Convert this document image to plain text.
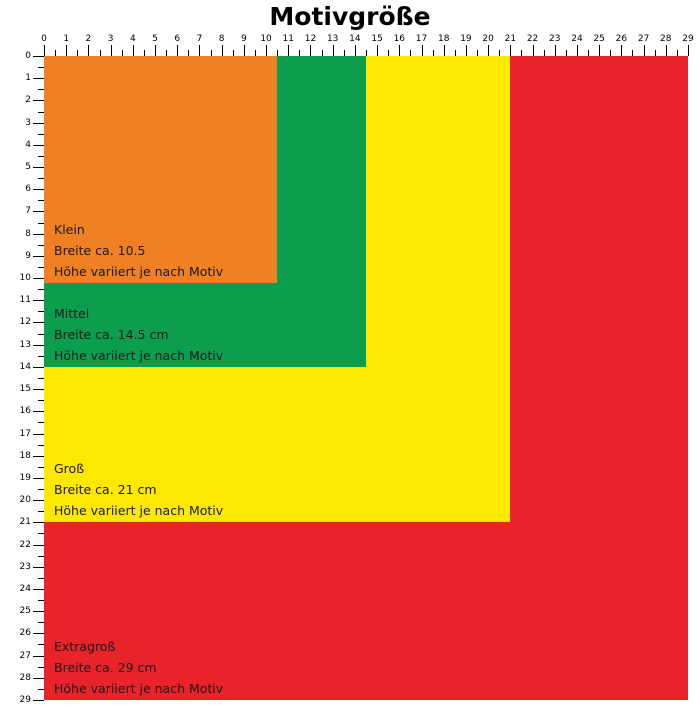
Motivgröße
0 1 2 3 4 5 6 7 8 9 10 11 12 13 14 15 16 17 18 19 20 21 22 23 24 25 26 27 28 29
0
1
2
3
4
5
6
7
8
9
10
11
12
13
14
15
16
17
18
19
20
21
22
23
24
25
26
27
28
29
Extragroß
Breite ca. 29 cm
Höhe variiert je nach Motiv
Groß
Breite ca. 21 cm
Höhe variiert je nach Motiv
Mittel
Breite ca. 14.5 cm
Höhe variiert je nach Motiv
Klein
Breite ca. 10.5
Höhe variiert je nach Motiv
